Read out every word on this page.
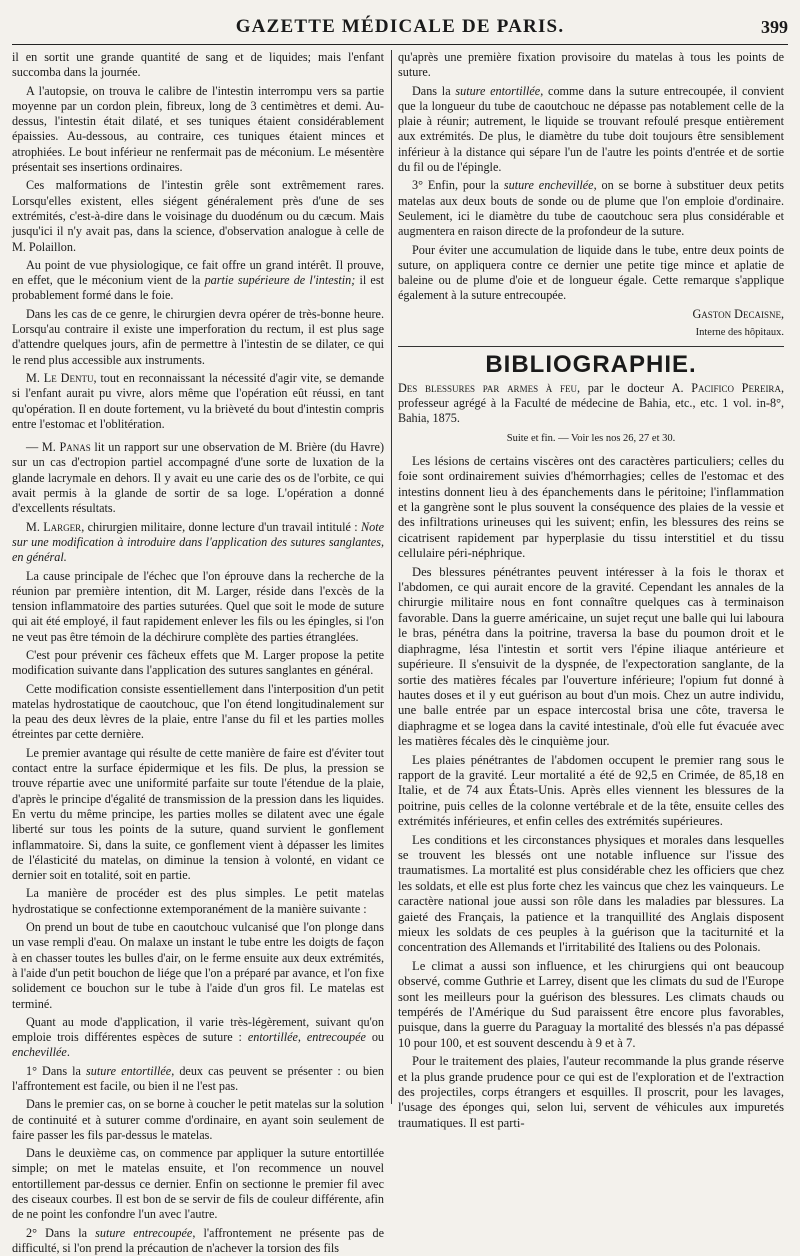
GAZETTE MÉDICALE DE PARIS.	399

il en sortit une grande quantité de sang et de liquides; mais l'enfant succomba dans la journée.

A l'autopsie, on trouva le calibre de l'intestin interrompu vers sa partie moyenne par un cordon plein, fibreux, long de 3 centimètres et demi. Au-dessus, l'intestin était dilaté, et ses tuniques étaient considérablement épaissies. Au-dessous, au contraire, ces tuniques étaient minces et atrophiées. Le bout inférieur ne renfermait pas de méconium. Le mésentère présentait ses insertions ordinaires.

Ces malformations de l'intestin grêle sont extrêmement rares. Lorsqu'elles existent, elles siégent généralement près d'une de ses extrémités, c'est-à-dire dans le voisinage du duodénum ou du cæcum. Mais jusqu'ici il n'y avait pas, dans la science, d'observation analogue à celle de M. Polaillon.

Au point de vue physiologique, ce fait offre un grand intérêt. Il prouve, en effet, que le méconium vient de la partie supérieure de l'intestin; il est probablement formé dans le foie.

Dans les cas de ce genre, le chirurgien devra opérer de très-bonne heure. Lorsqu'au contraire il existe une imperforation du rectum, il est plus sage d'attendre quelques jours, afin de permettre à l'intestin de se dilater, ce qui le rend plus accessible aux instruments.

M. Le Dentu, tout en reconnaissant la nécessité d'agir vite, se demande si l'enfant aurait pu vivre, alors même que l'opération eût réussi, en tant qu'opération. Il en doute fortement, vu la brièveté du bout d'intestin compris entre l'estomac et l'oblitération.

— M. Panas lit un rapport sur une observation de M. Brière (du Havre) sur un cas d'ectropion partiel accompagné d'une sorte de luxation de la glande lacrymale en dehors. Il y avait eu une carie des os de l'orbite, ce qui avait permis à la glande de sortir de sa loge. L'opération a donné d'excellents résultats.

M. Larger, chirurgien militaire, donne lecture d'un travail intitulé : Note sur une modification à introduire dans l'application des sutures sanglantes, en général.

La cause principale de l'échec que l'on éprouve dans la recherche de la réunion par première intention, dit M. Larger, réside dans l'excès de la tension inflammatoire des parties suturées. Quel que soit le mode de suture qui ait été employé, il faut rapidement enlever les fils ou les épingles, si l'on ne veut pas être témoin de la déchirure complète des parties étranglées.

C'est pour prévenir ces fâcheux effets que M. Larger propose la petite modification suivante dans l'application des sutures sanglantes en général.

Cette modification consiste essentiellement dans l'interposition d'un petit matelas hydrostatique de caoutchouc, que l'on étend longitudinalement sur la peau des deux lèvres de la plaie, entre l'anse du fil et les parties molles étreintes par cette dernière.

Le premier avantage qui résulte de cette manière de faire est d'éviter tout contact entre la surface épidermique et les fils. De plus, la pression se trouve répartie avec une uniformité parfaite sur toute l'étendue de la plaie, d'après le principe d'égalité de transmission de la pression dans les liquides. En vertu du même principe, les parties molles se dilatent avec une égale liberté sur tous les points de la suture, quand survient le gonflement inflammatoire. Si, dans la suite, ce gonflement vient à dépasser les limites de l'élasticité du matelas, on diminue la tension à volonté, en vidant ce dernier soit en totalité, soit en partie.

La manière de procéder est des plus simples. Le petit matelas hydrostatique se confectionne extemporanément de la manière suivante :

On prend un bout de tube en caoutchouc vulcanisé que l'on plonge dans un vase rempli d'eau. On malaxe un instant le tube entre les doigts de façon à en chasser toutes les bulles d'air, on le ferme ensuite aux deux extrémités, à l'aide d'un petit bouchon de liége que l'on a préparé par avance, et l'on fixe solidement ce bouchon sur le tube à l'aide d'un gros fil. Le matelas est terminé.

Quant au mode d'application, il varie très-légèrement, suivant qu'on emploie trois différentes espèces de suture : entortillée, entrecoupée ou enchevillée.

1° Dans la suture entortillée, deux cas peuvent se présenter : ou bien l'affrontement est facile, ou bien il ne l'est pas.

Dans le premier cas, on se borne à coucher le petit matelas sur la solution de continuité et à suturer comme d'ordinaire, en ayant soin seulement de faire passer les fils par-dessus le matelas.

Dans le deuxième cas, on commence par appliquer la suture entortillée simple; on met le matelas ensuite, et l'on recommence un nouvel entortillement par-dessus ce dernier. Enfin on sectionne le premier fil avec des ciseaux courbes. Il est bon de se servir de fils de couleur différente, afin de ne point les confondre l'un avec l'autre.

2° Dans la suture entrecoupée, l'affrontement ne présente pas de difficulté, si l'on prend la précaution de n'achever la torsion des fils

qu'après une première fixation provisoire du matelas à tous les points de suture.

Dans la suture entortillée, comme dans la suture entrecoupée, il convient que la longueur du tube de caoutchouc ne dépasse pas notablement celle de la plaie à réunir; autrement, le liquide se trouvant refoulé presque entièrement aux extrémités. De plus, le diamètre du tube doit toujours être sensiblement inférieur à la distance qui sépare l'un de l'autre les points d'entrée et de sortie du fil ou de l'épingle.

3° Enfin, pour la suture enchevillée, on se borne à substituer deux petits matelas aux deux bouts de sonde ou de plume que l'on emploie d'ordinaire. Seulement, ici le diamètre du tube de caoutchouc sera plus considérable et augmentera en raison directe de la profondeur de la suture.

Pour éviter une accumulation de liquide dans le tube, entre deux points de suture, on appliquera contre ce dernier une petite tige mince et aplatie de baleine ou de plume d'oie et de longueur égale. Cette remarque s'applique également à la suture entrecoupée.

Gaston Decaisne,

Interne des hôpitaux.

BIBLIOGRAPHIE.

Des blessures par armes à feu, par le docteur A. Pacifico Pereira, professeur agrégé à la Faculté de médecine de Bahia, etc., etc. 1 vol. in-8°, Bahia, 1875.

Suite et fin. — Voir les nos 26, 27 et 30.

Les lésions de certains viscères ont des caractères particuliers; celles du foie sont ordinairement suivies d'hémorrhagies; celles de l'estomac et des intestins donnent lieu à des épanchements dans le péritoine; l'inflammation et la gangrène sont le plus souvent la conséquence des plaies de la vessie et des infiltrations urineuses qui les suivent; enfin, les blessures des reins se cicatrisent rapidement par hyperplasie du tissu interstitiel et du tissu cellulaire péri-néphrique.

Des blessures pénétrantes peuvent intéresser à la fois le thorax et l'abdomen, ce qui aurait encore de la gravité. Cependant les annales de la chirurgie militaire nous en font connaître quelques cas à terminaison favorable. Dans la guerre américaine, un sujet reçut une balle qui lui laboura le bras, pénétra dans la poitrine, traversa la base du poumon droit et le diaphragme, lésa l'intestin et sortit vers l'épine iliaque antérieure et supérieure. Il s'ensuivit de la dyspnée, de l'expectoration sanglante, de la sortie des matières fécales par l'ouverture inférieure; l'opium fut donné à hautes doses et il y eut guérison au bout d'un mois. Chez un autre individu, une balle entrée par un espace intercostal brisa une côte, traversa le diaphragme et se logea dans la cavité intestinale, d'où elle fut évacuée avec les matières fécales dès le cinquième jour.

Les plaies pénétrantes de l'abdomen occupent le premier rang sous le rapport de la gravité. Leur mortalité a été de 92,5 en Crimée, de 85,18 en Italie, et de 74 aux États-Unis. Après elles viennent les blessures de la poitrine, puis celles de la colonne vertébrale et de la tête, ensuite celles des extrémités inférieures, et enfin celles des extrémités supérieures.

Les conditions et les circonstances physiques et morales dans lesquelles se trouvent les blessés ont une notable influence sur l'issue des traumatismes. La mortalité est plus considérable chez les officiers que chez les soldats, et elle est plus forte chez les vaincus que chez les vainqueurs. Le caractère national joue aussi son rôle dans les maladies par blessures. La gaieté des Français, la patience et la tranquillité des Anglais disposent mieux les soldats de ces peuples à la guérison que la taciturnité et la concentration des Allemands et l'irritabilité des Italiens ou des Polonais.

Le climat a aussi son influence, et les chirurgiens qui ont beaucoup observé, comme Guthrie et Larrey, disent que les climats du sud de l'Europe sont les meilleurs pour la guérison des blessures. Les climats chauds ou tempérés de l'Amérique du Sud paraissent être encore plus favorables, puisque, dans la guerre du Paraguay la mortalité des blessés n'a pas dépassé 10 pour 100, et est souvent descendu à 9 et à 7.

Pour le traitement des plaies, l'auteur recommande la plus grande réserve et la plus grande prudence pour ce qui est de l'exploration et de l'extraction des projectiles, corps étrangers et esquilles. Il proscrit, pour les lavages, l'usage des éponges qui, selon lui, servent de véhicules aux impuretés traumatiques. Il est parti-
